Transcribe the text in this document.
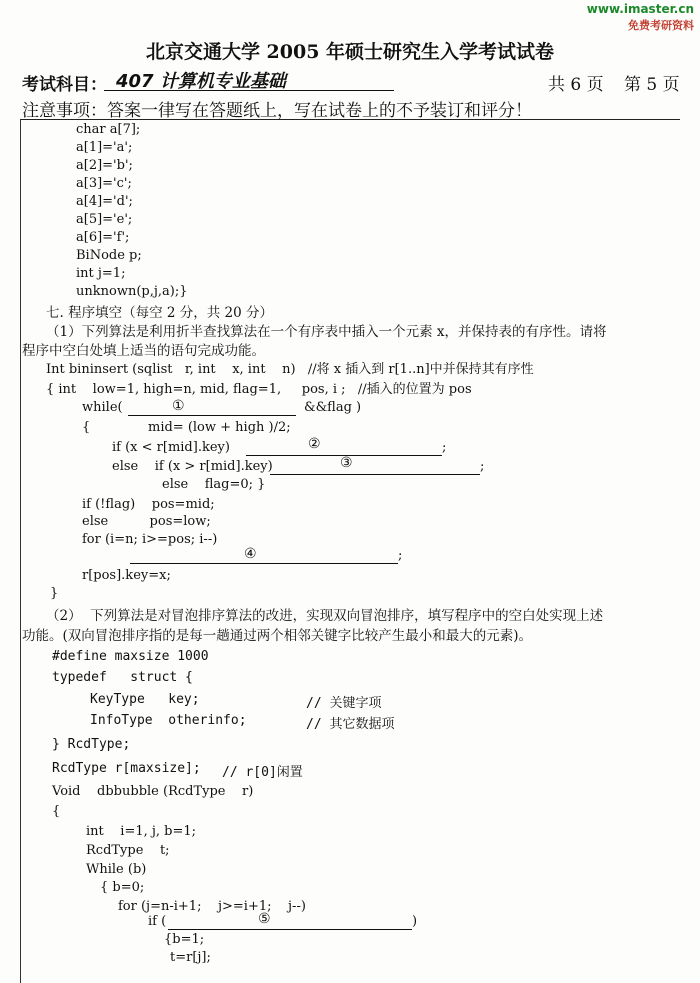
www.imaster.cn
免费考研资料
北京交通大学 2005 年硕士研究生入学考试试卷
考试科目： 407 计算机专业基础	共 6 页 第 5 页
注意事项：答案一律写在答题纸上，写在试卷上的不予装订和评分！
char a[7];
a[1]='a';
a[2]='b';
a[3]='c';
a[4]='d';
a[5]='e';
a[6]='f';
BiNode p;
int j=1;
unknown(p,j,a);}
七. 程序填空（每空 2 分，共 20 分）
（1）下列算法是利用折半查找算法在一个有序表中插入一个元素 x，并保持表的有序性。请将
程序中空白处填上适当的语句完成功能。
Int bininsert (sqlist   r, int    x, int    n)   //将 x 插入到 r[1..n]中并保持其有序性
{ int    low=1, high=n, mid, flag=1,     pos, i ;   //插入的位置为 pos
while(	①	&&flag )
{	mid= (low + high )/2;
if (x < r[mid].key)	②	;
else    if (x > r[mid].key)	③	;
else    flag=0; }
if (!flag)    pos=mid;
else          pos=low;
for (i=n; i>=pos; i--)
④	;
r[pos].key=x;
}
（2）  下列算法是对冒泡排序算法的改进，实现双向冒泡排序，填写程序中的空白处实现上述
功能。(双向冒泡排序指的是每一趟通过两个相邻关键字比较产生最小和最大的元素)。
#define maxsize 1000
typedef   struct {
KeyType   key;	// 关键字项
InfoType  otherinfo;	// 其它数据项
} RcdType;
RcdType r[maxsize]; // r[0]闲置
Void    dbbubble (RcdType    r)
{
int    i=1, j, b=1;
RcdType    t;
While (b)
{ b=0;
for (j=n-i+1;    j>=i+1;    j--)
if (	⑤	)
{b=1;
t=r[j];
